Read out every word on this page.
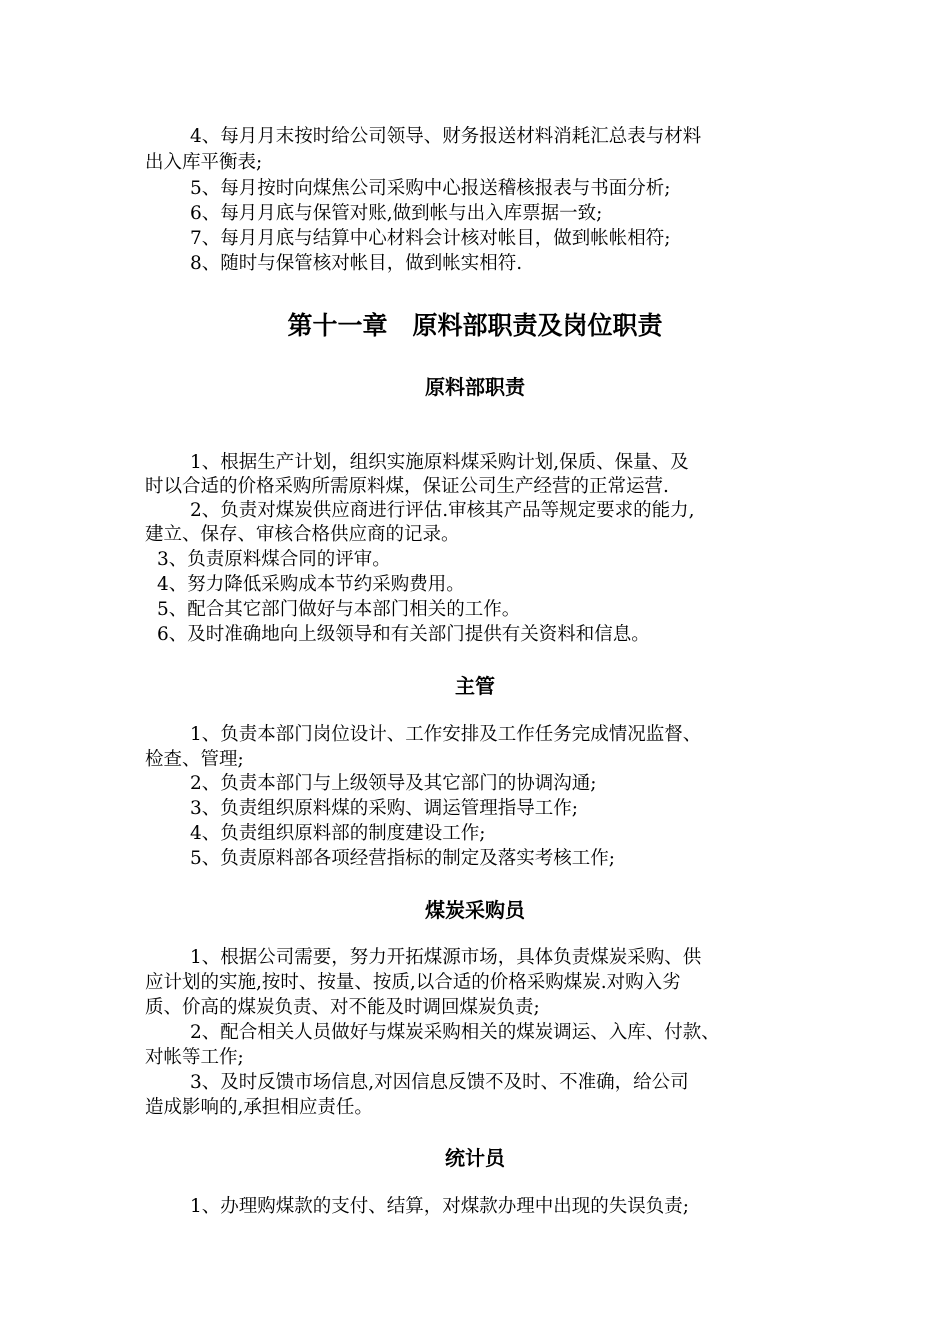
4、每月月末按时给公司领导、财务报送材料消耗汇总表与材料
出入库平衡表;
5、每月按时向煤焦公司采购中心报送稽核报表与书面分析;
6、每月月底与保管对账,做到帐与出入库票据一致;
7、每月月底与结算中心材料会计核对帐目，做到帐帐相符;
8、随时与保管核对帐目，做到帐实相符.
第十一章　原料部职责及岗位职责
原料部职责
1、根据生产计划，组织实施原料煤采购计划,保质、保量、及
时以合适的价格采购所需原料煤，保证公司生产经营的正常运营.
2、负责对煤炭供应商进行评估.审核其产品等规定要求的能力,
建立、保存、审核合格供应商的记录。
3、负责原料煤合同的评审。
4、努力降低采购成本节约采购费用。
5、配合其它部门做好与本部门相关的工作。
6、及时准确地向上级领导和有关部门提供有关资料和信息。
主管
1、负责本部门岗位设计、工作安排及工作任务完成情况监督、
检查、管理;
2、负责本部门与上级领导及其它部门的协调沟通;
3、负责组织原料煤的采购、调运管理指导工作;
4、负责组织原料部的制度建设工作;
5、负责原料部各项经营指标的制定及落实考核工作;
煤炭采购员
1、根据公司需要，努力开拓煤源市场，具体负责煤炭采购、供
应计划的实施,按时、按量、按质,以合适的价格采购煤炭.对购入劣
质、价高的煤炭负责、对不能及时调回煤炭负责;
2、配合相关人员做好与煤炭采购相关的煤炭调运、入库、付款、
对帐等工作;
3、及时反馈市场信息,对因信息反馈不及时、不准确，给公司
造成影响的,承担相应责任。
统计员
1、办理购煤款的支付、结算，对煤款办理中出现的失误负责;
